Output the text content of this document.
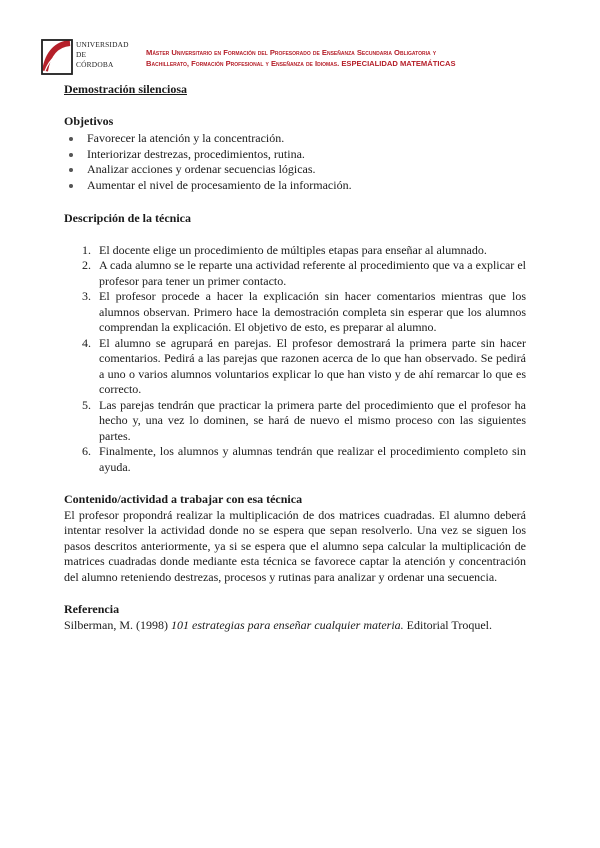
UNIVERSIDAD
DE
CÓRDOBA
Máster Universitario en Formación del Profesorado de Enseñanza Secundaria Obligatoria y
Bachillerato, Formación Profesional y Enseñanza de Idiomas. ESPECIALIDAD MATEMÁTICAS
Demostración silenciosa
Objetivos
Favorecer la atención y la concentración.
Interiorizar destrezas, procedimientos, rutina.
Analizar acciones y ordenar secuencias lógicas.
Aumentar el nivel de procesamiento de la información.
Descripción de la técnica
1. El docente elige un procedimiento de múltiples etapas para enseñar al alumnado.
2. A cada alumno se le reparte una actividad referente al procedimiento que va a explicar el profesor para tener un primer contacto.
3. El profesor procede a hacer la explicación sin hacer comentarios mientras que los alumnos observan. Primero hace la demostración completa sin esperar que los alumnos comprendan la explicación. El objetivo de esto, es preparar al alumno.
4. El alumno se agrupará en parejas. El profesor demostrará la primera parte sin hacer comentarios. Pedirá a las parejas que razonen acerca de lo que han observado. Se pedirá a uno o varios alumnos voluntarios explicar lo que han visto y de ahí remarcar lo que es correcto.
5. Las parejas tendrán que practicar la primera parte del procedimiento que el profesor ha hecho y, una vez lo dominen, se hará de nuevo el mismo proceso con las siguientes partes.
6. Finalmente, los alumnos y alumnas tendrán que realizar el procedimiento completo sin ayuda.
Contenido/actividad a trabajar con esa técnica

El profesor propondrá realizar la multiplicación de dos matrices cuadradas. El alumno deberá intentar resolver la actividad donde no se espera que sepan resolverlo. Una vez se siguen los pasos descritos anteriormente, ya si se espera que el alumno sepa calcular la multiplicación de matrices cuadradas donde mediante esta técnica se favorece captar la atención y concentración del alumno reteniendo destrezas, procesos y rutinas para analizar y ordenar una secuencia.

Referencia

Silberman, M. (1998) 101 estrategias para enseñar cualquier materia. Editorial Troquel.
